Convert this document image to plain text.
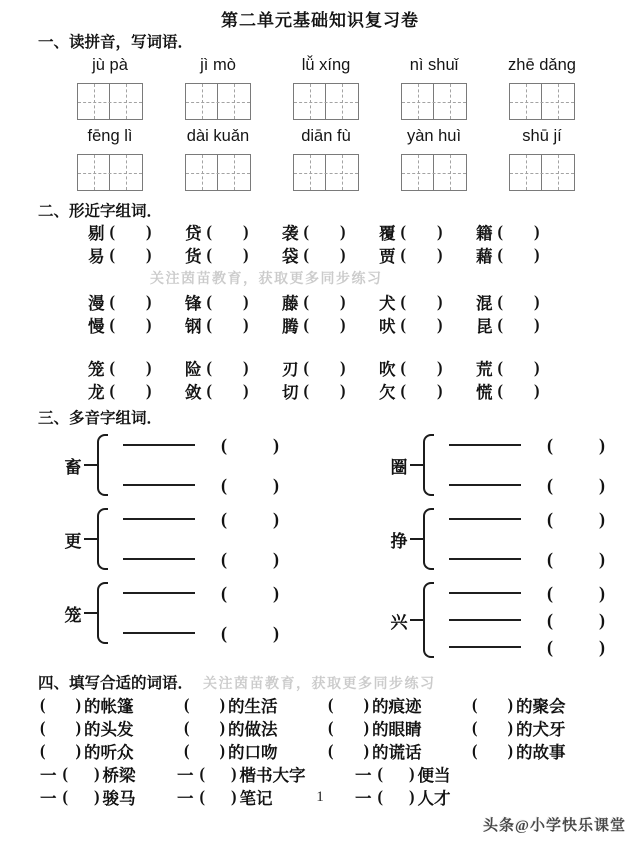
第二单元基础知识复习卷
一、读拼音，写词语．
jù pà	jì mò	lǚ xíng	nì shuǐ	zhē dǎng
fēng lì	dài kuǎn	diān fù	yàn huì	shū jí
二、形近字组词．
剔 ( ) 贷 ( ) 袭 ( ) 覆 ( ) 籍 ( )
易 ( ) 货 ( ) 袋 ( ) 贾 ( ) 藉 ( )
关注茵苗教育，获取更多同步练习
漫 ( ) 锋 ( ) 藤 ( ) 犬 ( ) 混 ( )
慢 ( ) 钢 ( ) 腾 ( ) 吠 ( ) 昆 ( )
笼 ( ) 险 ( ) 刃 ( ) 吹 ( ) 荒 ( )
龙 ( ) 敛 ( ) 切 ( ) 欠 ( ) 慌 ( )
三、多音字组词．
畜
(	)
(	)
更
(	)
(	)
笼
(	)
(	)
圈
(	)
(	)
挣
(	)
(	)
兴
(	)
(	)
(	)
四、填写合适的词语． 关注茵苗教育，获取更多同步练习
( ) 的帐篷	( ) 的生活	( ) 的痕迹	( ) 的聚会
( ) 的头发	( ) 的做法	( ) 的眼睛	( ) 的犬牙
( ) 的听众	( ) 的口吻	( ) 的谎话	( ) 的故事
一 ( ) 桥梁	一 ( ) 楷书大字	一 ( ) 便当
一 ( ) 骏马	一 ( ) 笔记	一 ( ) 人才
1
头条@小学快乐课堂
